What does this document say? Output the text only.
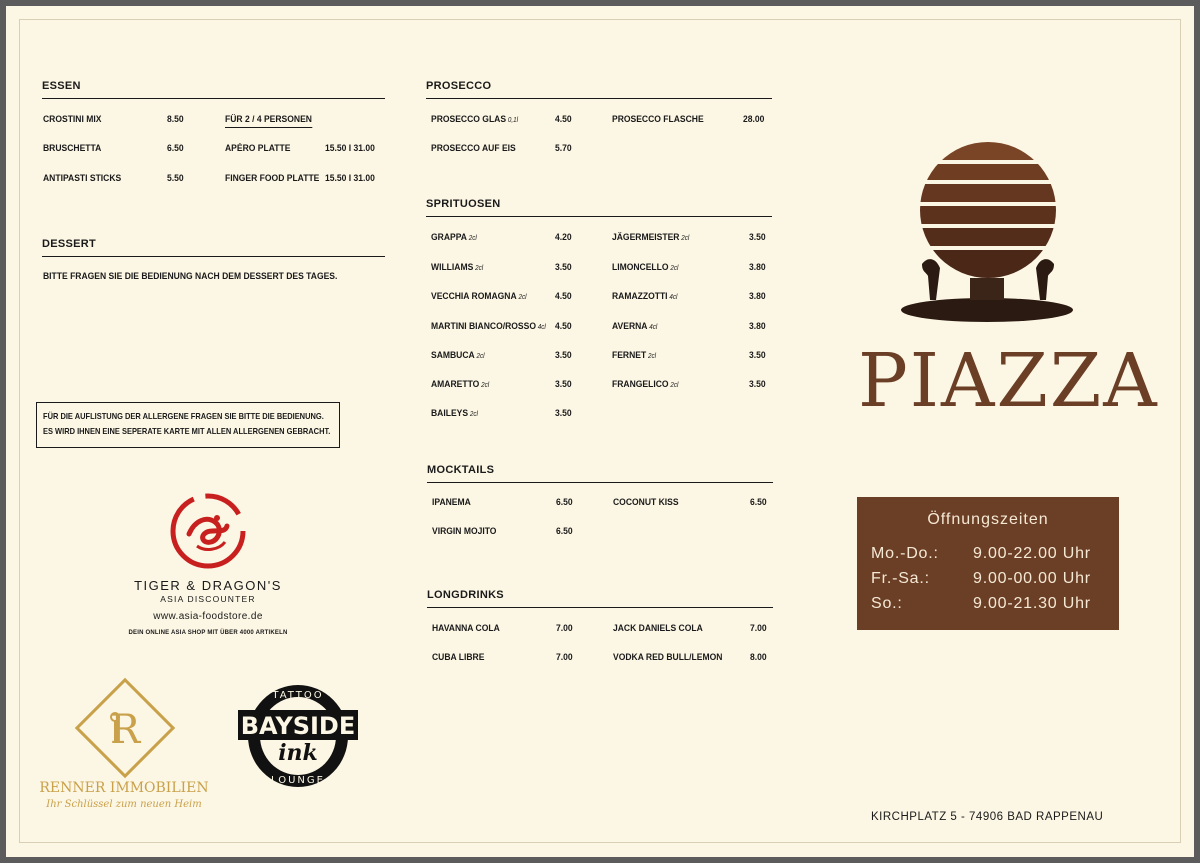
ESSEN
CROSTINI MIX	8.50
BRUSCHETTA	6.50
ANTIPASTI STICKS	5.50
FÜR 2 / 4 PERSONEN
APÉRO PLATTE	15.50 I 31.00
FINGER FOOD PLATTE 15.50 I 31.00
DESSERT
BITTE FRAGEN SIE DIE BEDIENUNG NACH DEM DESSERT DES TAGES.
FÜR DIE AUFLISTUNG DER ALLERGENE FRAGEN SIE BITTE DIE BEDIENUNG.
ES WIRD IHNEN EINE SEPERATE KARTE MIT ALLEN ALLERGENEN GEBRACHT.
TIGER & DRAGON'S
ASIA DISCOUNTER
www.asia-foodstore.de
DEIN ONLINE ASIA SHOP MIT ÜBER 4000 ARTIKELN
R
RENNER IMMOBILIEN
Ihr Schlüssel zum neuen Heim
TATTOO
LOUNGE
BAYSIDE
ink
PROSECCO
PROSECCO GLAS 0,1l	4.50
PROSECCO AUF EIS	5.70
PROSECCO FLASCHE	28.00
SPRITUOSEN
GRAPPA 2cl	4.20
WILLIAMS 2cl	3.50
VECCHIA ROMAGNA 2cl	4.50
MARTINI BIANCO/ROSSO 4cl 4.50
SAMBUCA 2cl	3.50
AMARETTO 2cl	3.50
BAILEYS 2cl	3.50
JÄGERMEISTER 2cl	3.50
LIMONCELLO 2cl	3.80
RAMAZZOTTI 4cl	3.80
AVERNA 4cl	3.80
FERNET 2cl	3.50
FRANGELICO 2cl	3.50
MOCKTAILS
IPANEMA	6.50
VIRGIN MOJITO	6.50
COCONUT KISS	6.50
LONGDRINKS
HAVANNA COLA	7.00
CUBA LIBRE	7.00
JACK DANIELS COLA	7.00
VODKA RED BULL/LEMON	8.00
PIAZZA
Öffnungszeiten
Mo.-Do.: 9.00-22.00 Uhr
Fr.-Sa.:	9.00-00.00 Uhr
So.:	9.00-21.30 Uhr
KIRCHPLATZ 5 - 74906 BAD RAPPENAU
